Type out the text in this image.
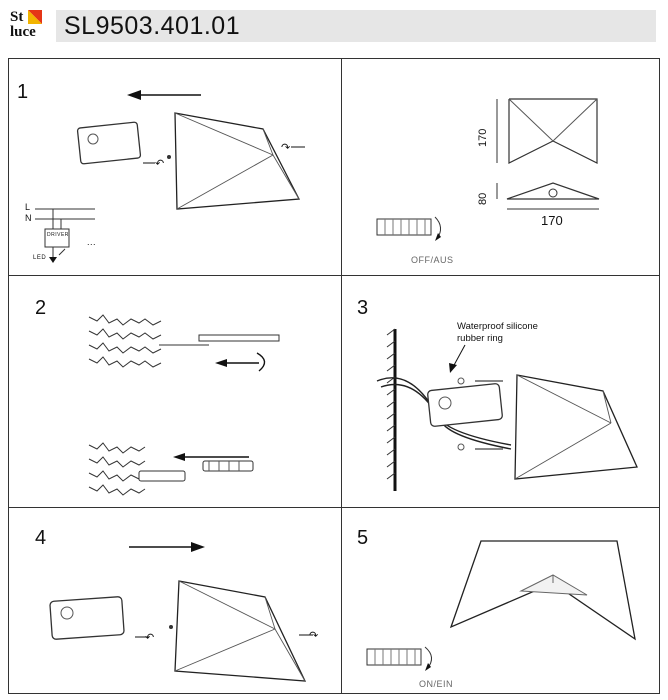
St
luce SL9503.401.01
1
↶
↷
L
N
DRIVER
LED
...
170
80
170
OFF/AUS
2	3
Waterproof silicone
rubber ring
4
↶	↷
5
ON/EIN
